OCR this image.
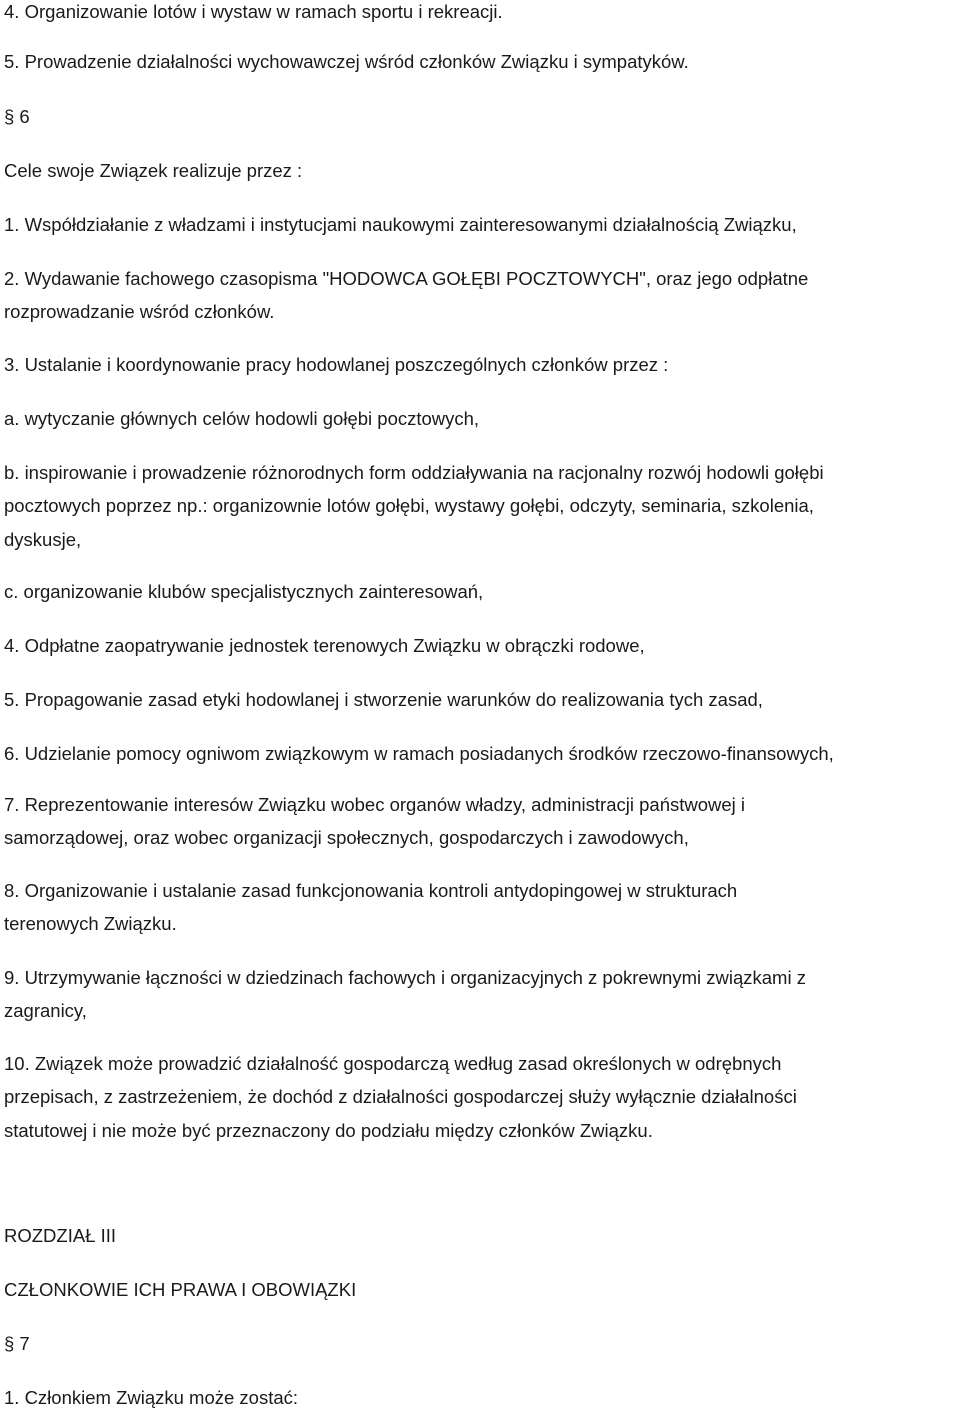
4. Organizowanie lotów i wystaw w ramach sportu i rekreacji.
5. Prowadzenie działalności wychowawczej wśród członków Związku i sympatyków.
§ 6
Cele swoje Związek realizuje przez :
1. Współdziałanie z władzami i instytucjami naukowymi zainteresowanymi działalnością Związku,
2. Wydawanie fachowego czasopisma "HODOWCA GOŁĘBI POCZTOWYCH", oraz jego odpłatne
rozprowadzanie wśród członków.
3. Ustalanie i koordynowanie pracy hodowlanej poszczególnych członków przez :
a. wytyczanie głównych celów hodowli gołębi pocztowych,
b. inspirowanie i prowadzenie różnorodnych form oddziaływania na racjonalny rozwój hodowli gołębi
pocztowych poprzez np.: organizownie lotów gołębi, wystawy gołębi, odczyty, seminaria, szkolenia,
dyskusje,
c. organizowanie klubów specjalistycznych zainteresowań,
4. Odpłatne zaopatrywanie jednostek terenowych Związku w obrączki rodowe,
5. Propagowanie zasad etyki hodowlanej i stworzenie warunków do realizowania tych zasad,
6. Udzielanie pomocy ogniwom związkowym w ramach posiadanych środków rzeczowo-finansowych,
7. Reprezentowanie interesów Związku wobec organów władzy, administracji państwowej i
samorządowej, oraz wobec organizacji społecznych, gospodarczych i zawodowych,
8. Organizowanie i ustalanie zasad funkcjonowania kontroli antydopingowej w strukturach
terenowych Związku.
9. Utrzymywanie łączności w dziedzinach fachowych i organizacyjnych z pokrewnymi związkami z
zagranicy,
10. Związek może prowadzić działalność gospodarczą według zasad określonych w odrębnych
przepisach, z zastrzeżeniem, że dochód z działalności gospodarczej służy wyłącznie działalności
statutowej i nie może być przeznaczony do podziału między członków Związku.
ROZDZIAŁ III
CZŁONKOWIE ICH PRAWA I OBOWIĄZKI
§ 7
1. Członkiem Związku może zostać:
